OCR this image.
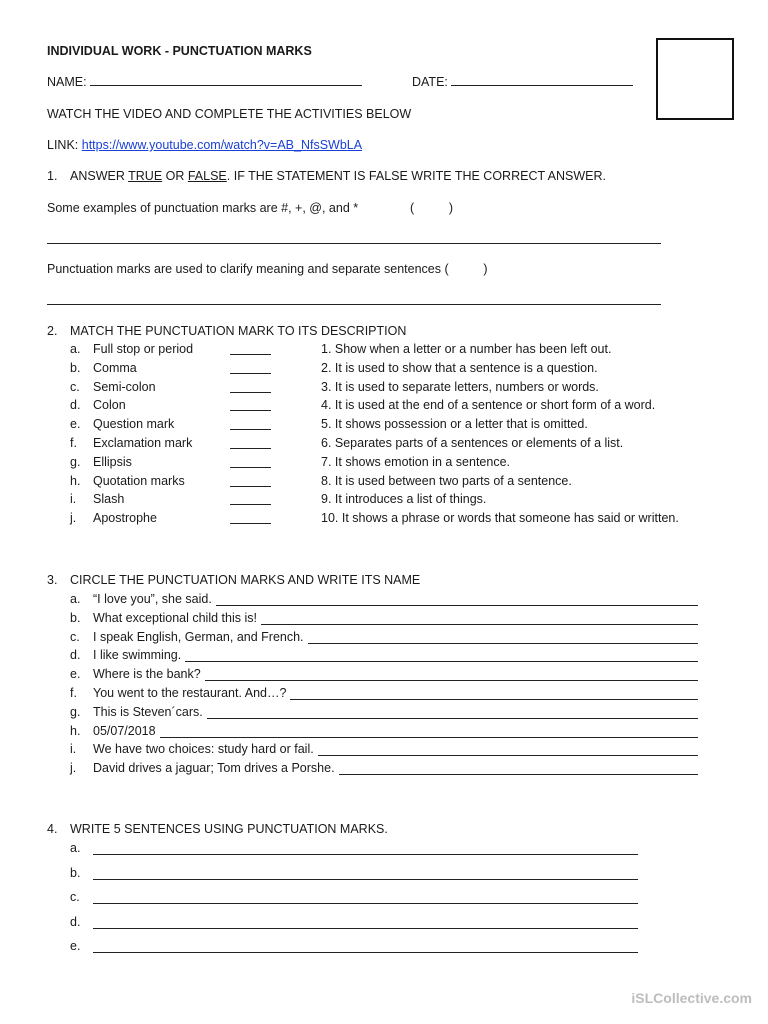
INDIVIDUAL WORK - PUNCTUATION MARKS
NAME:	DATE:
WATCH THE VIDEO AND COMPLETE THE ACTIVITIES BELOW
LINK: https://www.youtube.com/watch?v=AB_NfsSWbLA
1. ANSWER TRUE OR FALSE. IF THE STATEMENT IS FALSE WRITE THE CORRECT ANSWER.
Some examples of punctuation marks are #, +, @, and *	(          )
Punctuation marks are used to clarify meaning and separate sentences (          )
2. MATCH THE PUNCTUATION MARK TO ITS DESCRIPTION
a. Full stop or period	1. Show when a letter or a number has been left out.
b. Comma	2. It is used to show that a sentence is a question.
c. Semi-colon	3. It is used to separate letters, numbers or words.
d. Colon	4. It is used at the end of a sentence or short form of a word.
e. Question mark	5. It shows possession or a letter that is omitted.
f. Exclamation mark	6. Separates parts of a sentences or elements of a list.
g. Ellipsis	7. It shows emotion in a sentence.
h. Quotation marks	8. It is used between two parts of a sentence.
i. Slash	9. It introduces a list of things.
j. Apostrophe	10. It shows a phrase or words that someone has said or written.
3. CIRCLE THE PUNCTUATION MARKS AND WRITE ITS NAME
a.	“I love you”, she said.
b.	What exceptional child this is!
c.	I speak English, German, and French.
d.	I like swimming.
e.	Where is the bank?
f.	You went to the restaurant. And…?
g.	This is Steven´cars.
h.	05/07/2018
i.	We have two choices: study hard or fail.
j.	David drives a jaguar; Tom drives a Porshe.
4. WRITE 5 SENTENCES USING PUNCTUATION MARKS.
a.
b.
c.
d.
e.
iSLCollective.com
